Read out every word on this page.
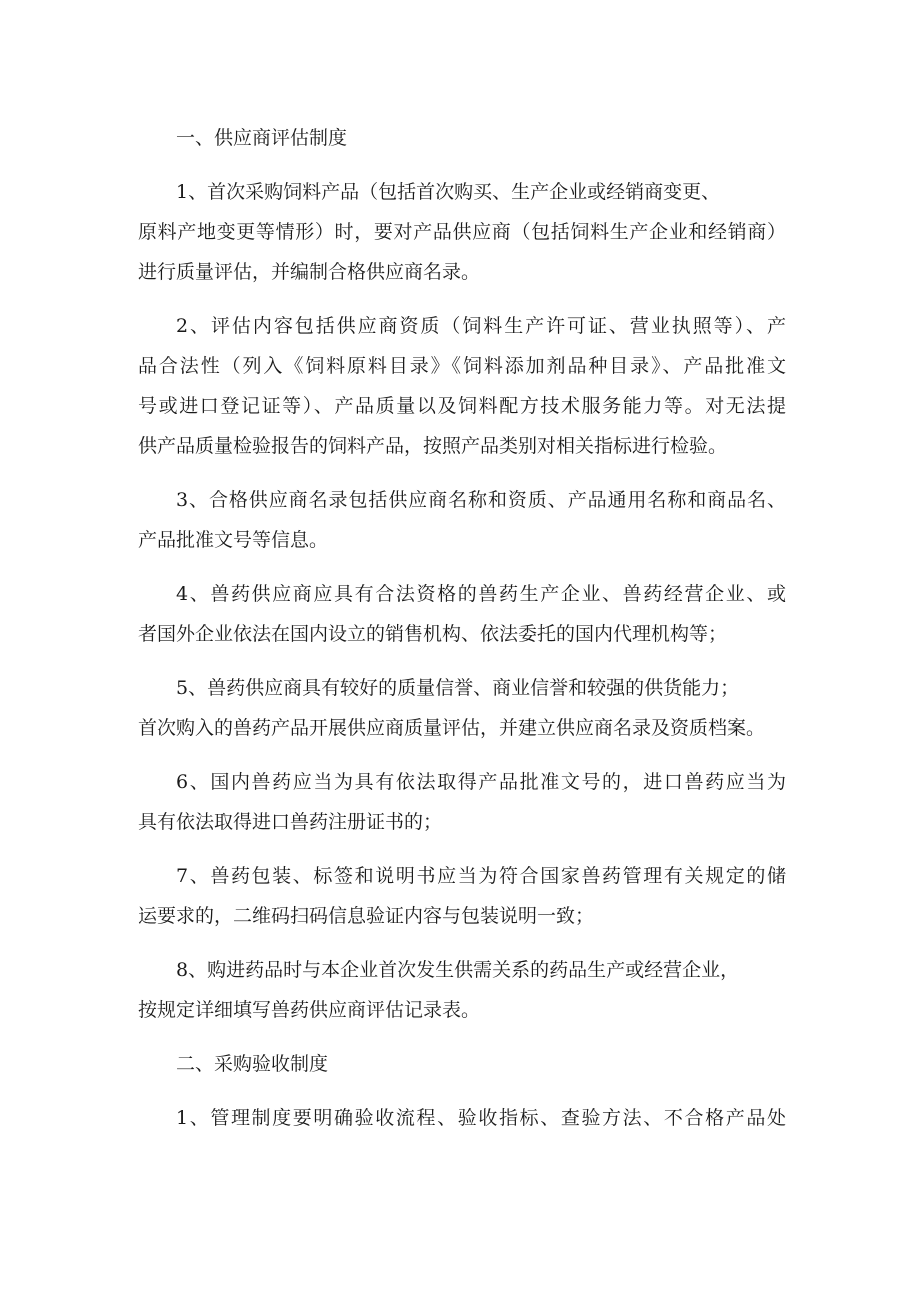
一、供应商评估制度
1、首次采购饲料产品（包括首次购买、生产企业或经销商变更、
原料产地变更等情形）时，要对产品供应商（包括饲料生产企业和经销商）
进行质量评估，并编制合格供应商名录。
2、评估内容包括供应商资质（饲料生产许可证、营业执照等）、产
品合法性（列入《饲料原料目录》《饲料添加剂品种目录》、产品批准文
号或进口登记证等）、产品质量以及饲料配方技术服务能力等。对无法提
供产品质量检验报告的饲料产品，按照产品类别对相关指标进行检验。
3、合格供应商名录包括供应商名称和资质、产品通用名称和商品名、
产品批准文号等信息。
4、兽药供应商应具有合法资格的兽药生产企业、兽药经营企业、或
者国外企业依法在国内设立的销售机构、依法委托的国内代理机构等；
5、兽药供应商具有较好的质量信誉、商业信誉和较强的供货能力；
首次购入的兽药产品开展供应商质量评估，并建立供应商名录及资质档案。
6、国内兽药应当为具有依法取得产品批准文号的，进口兽药应当为
具有依法取得进口兽药注册证书的；
7、兽药包装、标签和说明书应当为符合国家兽药管理有关规定的储
运要求的，二维码扫码信息验证内容与包装说明一致；
8、购进药品时与本企业首次发生供需关系的药品生产或经营企业，
按规定详细填写兽药供应商评估记录表。
二、采购验收制度
1、管理制度要明确验收流程、验收指标、查验方法、不合格产品处
